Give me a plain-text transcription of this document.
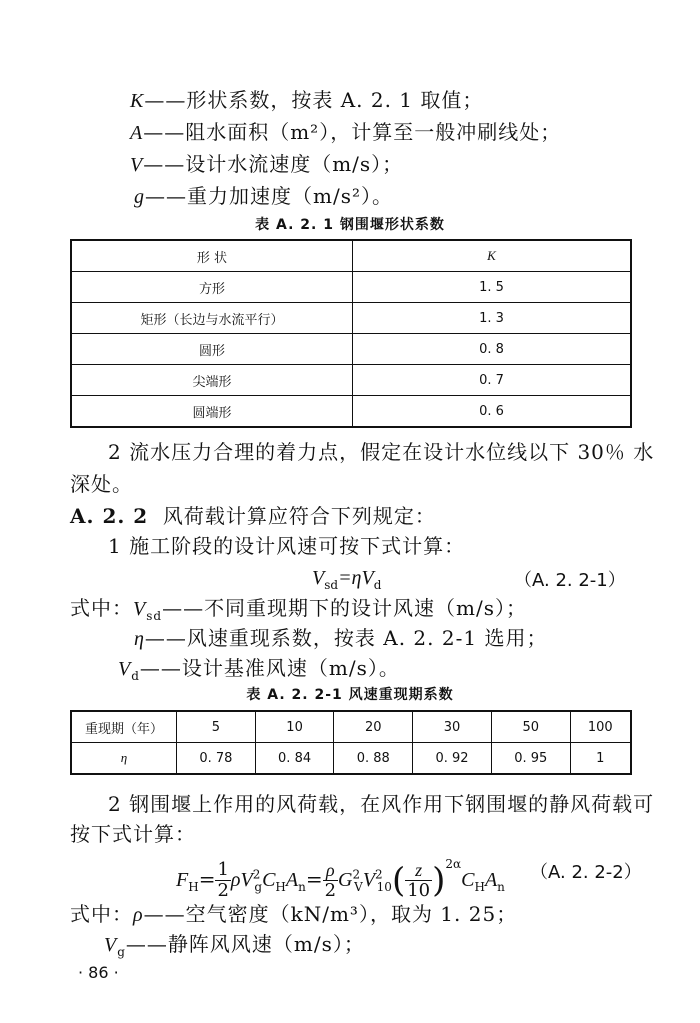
K——形状系数，按表 A. 2. 1 取值；
A——阻水面积（m²），计算至一般冲刷线处；
V——设计水流速度（m/s）；
g——重力加速度（m/s²）。
表 A. 2. 1 钢围堰形状系数
形 状	K
方形	1. 5
矩形（长边与水流平行）	1. 3
圆形	0. 8
尖端形	0. 7
圆端形	0. 6
2 流水压力合理的着力点，假定在设计水位线以下 30％ 水
深处。
A. 2. 2 风荷载计算应符合下列规定：
1 施工阶段的设计风速可按下式计算：
$V_{sd}=\eta V_d$	（A. 2. 2-1）
式中：$V_{sd}——$不同重现期下的设计风速（m/s）；
η——风速重现系数，按表 A. 2. 2-1 选用；
$V_d——$设计基准风速（m/s）。
表 A. 2. 2-1 风速重现期系数
重现期（年）	5	10	20	30	50	100
η	0. 78	0. 84	0. 88	0. 92	0. 95	1
2 钢围堰上作用的风荷载，在风作用下钢围堰的静风荷载可
按下式计算：
$F_H= \frac{1}{2} \rho V^2_gC_HA_n= \frac{\rho}{2} G^2_VV^2_{10}( \frac{z}{10} )^{2\alpha}C_HA_n$
（A. 2. 2-2）
式中：ρ——空气密度（kN/m³），取为 1. 25；
$V_g——$静阵风风速（m/s）；
· 86 ·
